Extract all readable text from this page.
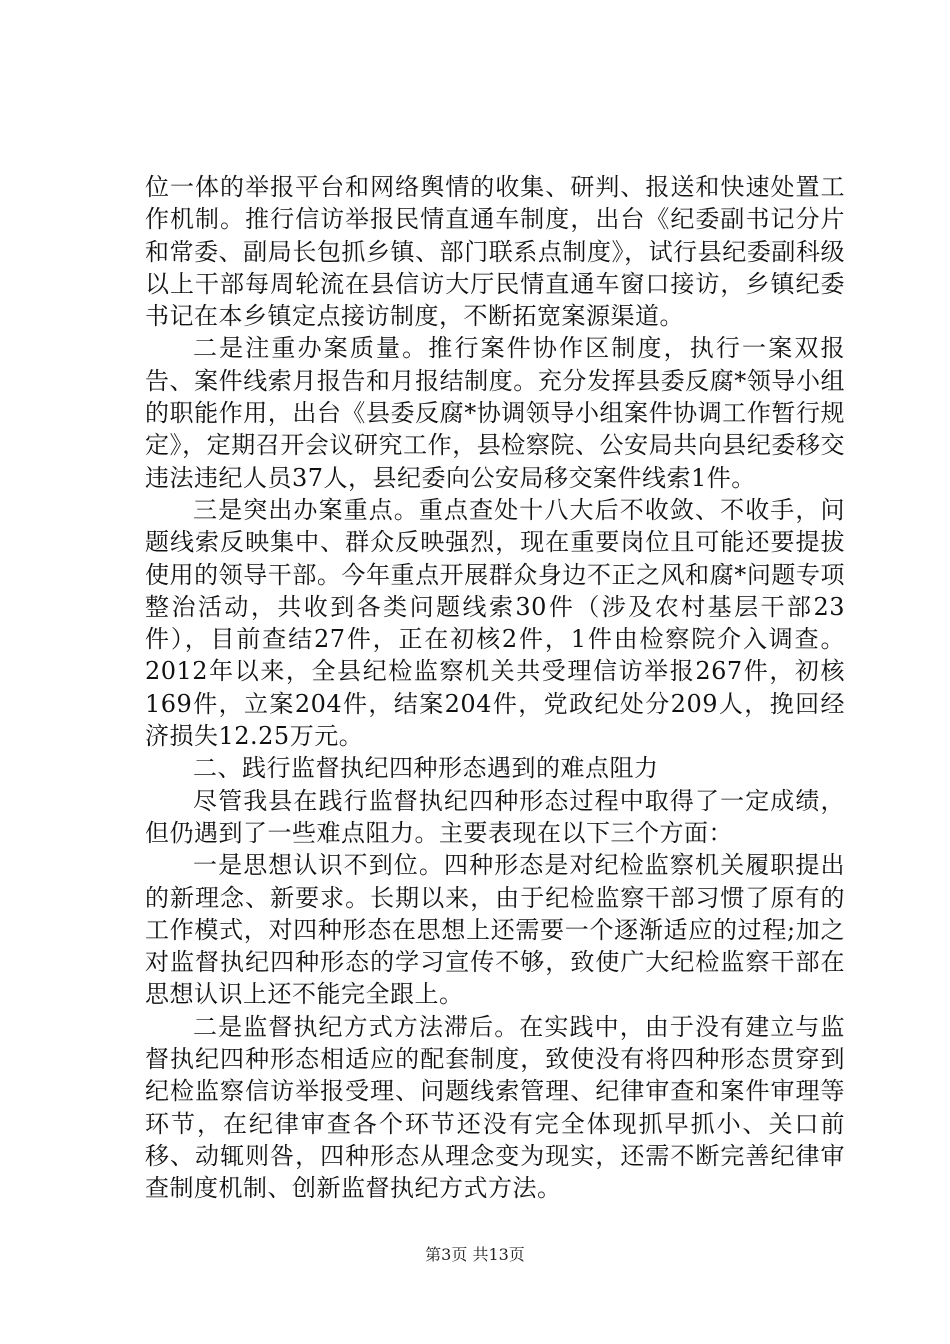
位一体的举报平台和网络舆情的收集、研判、报送和快速处置工作机制。推行信访举报民情直通车制度，出台《纪委副书记分片和常委、副局长包抓乡镇、部门联系点制度》，试行县纪委副科级以上干部每周轮流在县信访大厅民情直通车窗口接访，乡镇纪委书记在本乡镇定点接访制度，不断拓宽案源渠道。

二是注重办案质量。推行案件协作区制度，执行一案双报告、案件线索月报告和月报结制度。充分发挥县委反腐*领导小组的职能作用，出台《县委反腐*协调领导小组案件协调工作暂行规定》，定期召开会议研究工作，县检察院、公安局共向县纪委移交违法违纪人员37人，县纪委向公安局移交案件线索1件。

三是突出办案重点。重点查处十八大后不收敛、不收手，问题线索反映集中、群众反映强烈，现在重要岗位且可能还要提拔使用的领导干部。今年重点开展群众身边不正之风和腐*问题专项整治活动，共收到各类问题线索30件（涉及农村基层干部23件），目前查结27件，正在初核2件，1件由检察院介入调查。2012年以来，全县纪检监察机关共受理信访举报267件，初核169件，立案204件，结案204件，党政纪处分209人，挽回经济损失12.25万元。

二、践行监督执纪四种形态遇到的难点阻力

尽管我县在践行监督执纪四种形态过程中取得了一定成绩，但仍遇到了一些难点阻力。主要表现在以下三个方面：

一是思想认识不到位。四种形态是对纪检监察机关履职提出的新理念、新要求。长期以来，由于纪检监察干部习惯了原有的工作模式，对四种形态在思想上还需要一个逐渐适应的过程;加之对监督执纪四种形态的学习宣传不够，致使广大纪检监察干部在思想认识上还不能完全跟上。

二是监督执纪方式方法滞后。在实践中，由于没有建立与监督执纪四种形态相适应的配套制度，致使没有将四种形态贯穿到纪检监察信访举报受理、问题线索管理、纪律审查和案件审理等环节，在纪律审查各个环节还没有完全体现抓早抓小、关口前移、动辄则咎，四种形态从理念变为现实，还需不断完善纪律审查制度机制、创新监督执纪方式方法。

第3页 共13页
